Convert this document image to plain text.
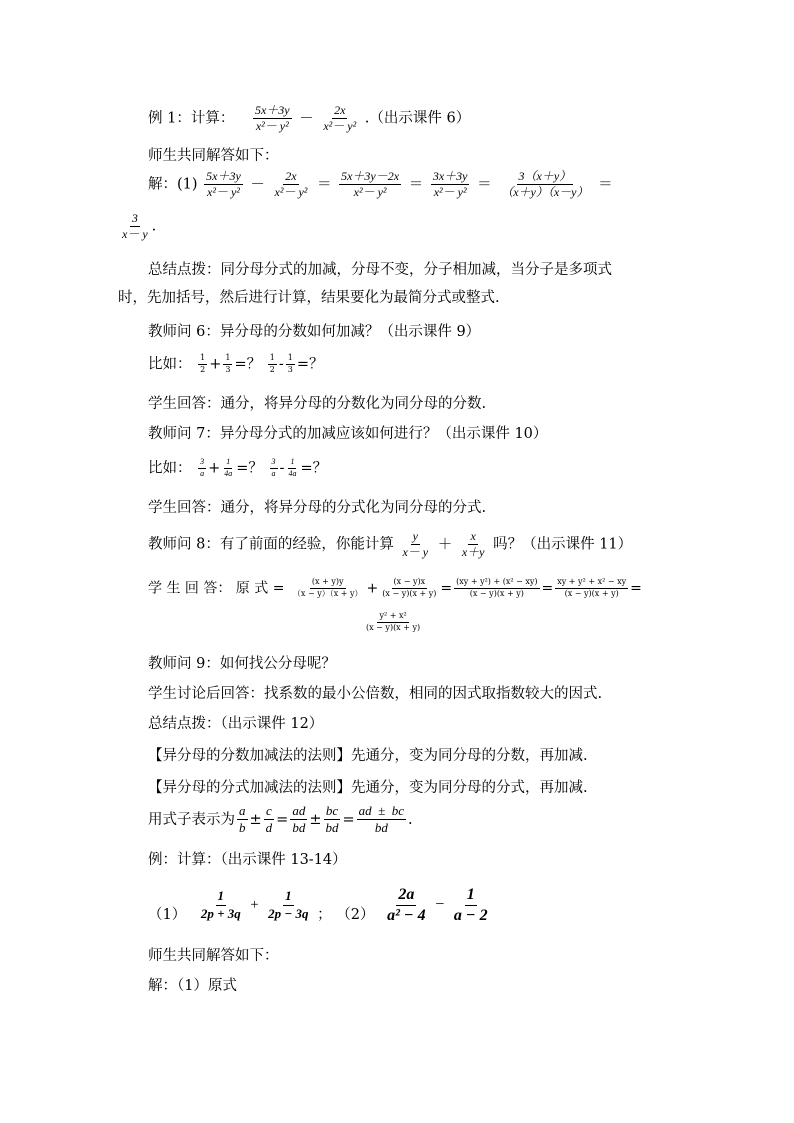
例 1：计算： $\frac{5x+3y}{\text{x²－ y²}} - \frac{2x}{\text{x²－ y²}}$ .（出示课件 6）
师生共同解答如下：
解：$(1) \frac{5x+3y}{\text{x²－ y²}} - \frac{2x}{\text{x²－ y²}} = \frac{5x+3y-2x}{\text{x²－ y²}} = \frac{3x+3y}{\text{x²－ y²}} = \frac{3(x+y)}{(x+y)(x-y)}$ ＝
$\frac{3}{x- y}$ .
总结点拨：同分母分式的加减，分母不变，分子相加减，当分子是多项式
时，先加括号，然后进行计算，结果要化为最简分式或整式.
教师问 6：异分母的分数如何加减？（出示课件 9）
比如： $\frac{1}{2} + \frac{1}{3}$ =？ $\frac{1}{2} - \frac{1}{3}$ =？
学生回答：通分，将异分母的分数化为同分母的分数.
教师问 7：异分母分式的加减应该如何进行？（出示课件 10）
比如： $\frac{3}{a} + \frac{1}{4a}$ =？ $\frac{3}{a} - \frac{1}{4a}$ =？
学生回答：通分，将异分母的分式化为同分母的分式.
教师问 8：有了前面的经验，你能计算 $\frac{y}{x- y} + \frac{x}{x+y}$ 吗？（出示课件 11）
学 生 回 答： 原 式 = $\frac{(x + y)y}{(x - y)(x + y)} + \frac{(x - y)x}{(x - y)(x + y)} = \frac{\text{(xy + y²) + (x² − xy)}}{(x - y)(x + y)} = \frac{\text{xy + y² + x² − xy}}{(x - y)(x + y)}$ =
$\frac{\text{y² + x²}}{(x - y)(x + y)}$
教师问 9：如何找公分母呢？
学生讨论后回答：找系数的最小公倍数，相同的因式取指数较大的因式.
总结点拨：（出示课件 12）
【异分母的分数加减法的法则】先通分，变为同分母的分数，再加减.
【异分母的分式加减法的法则】先通分，变为同分母的分式，再加减.
用式子表示为 $\frac{a}{b} \pm \frac{c}{d} = \frac{ad}{bd} \pm \frac{bc}{bd} = \frac{ad \pm bc}{bd}$ .
例：计算：（出示课件 13-14）
$(1) \frac{1}{2p + 3q} + \frac{1}{2p - 3q}$ ； $(2) \frac{2a}{\text{a² − 4}} - \frac{1}{a - 2}$
师生共同解答如下：
解：（1）原式
